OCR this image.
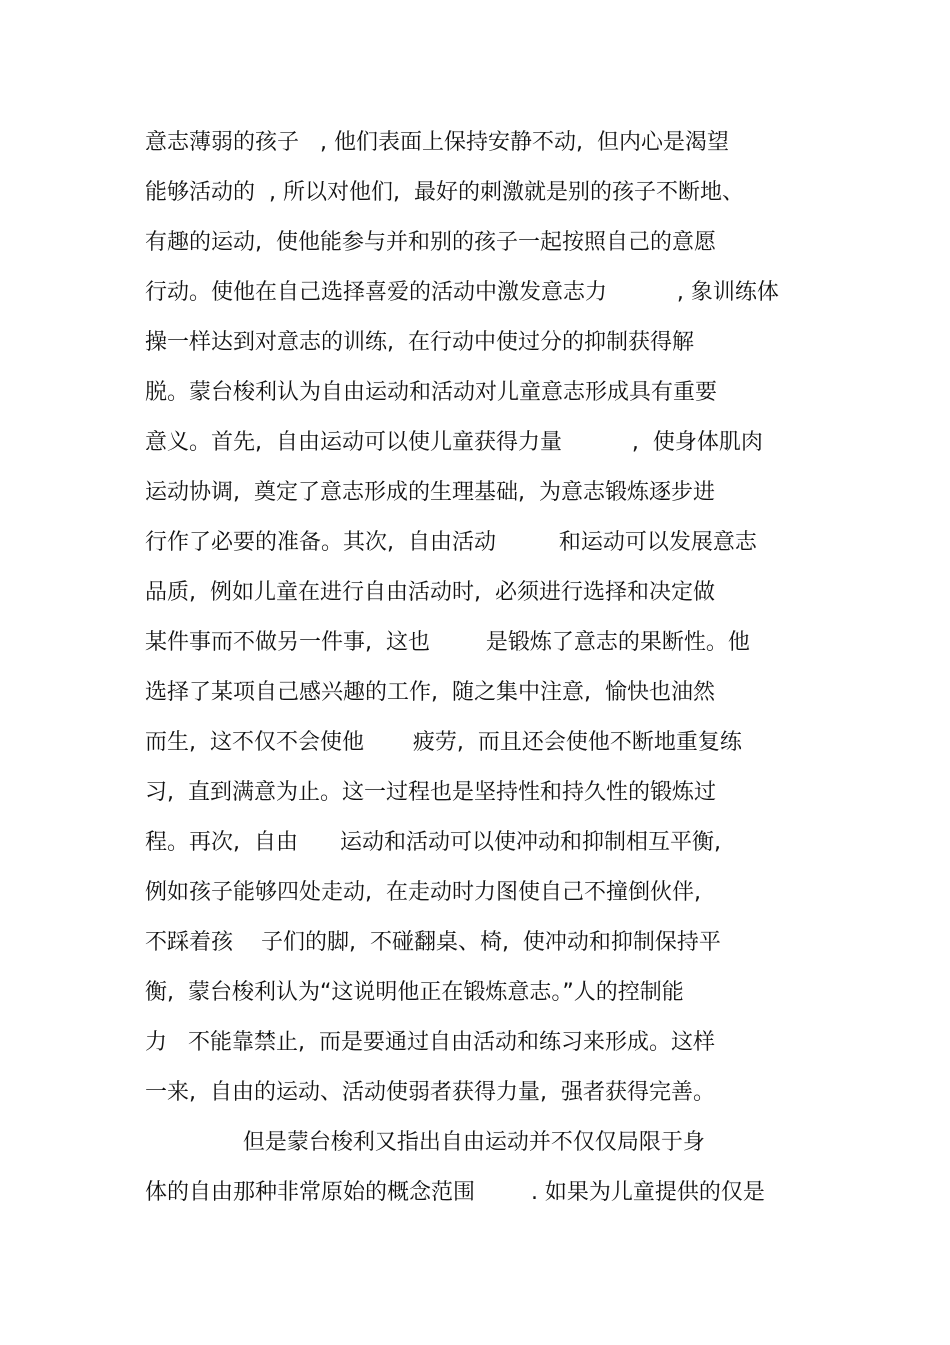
意志薄弱的孩子   , 他们表面上保持安静不动,  但内心是渴望
能够活动的  , 所以对他们,  最好的刺激就是别的孩子不断地、
有趣的运动,  使他能参与并和别的孩子一起按照自己的意愿
行动。使他在自己选择喜爱的活动中激发意志力          , 象训练体
操一样达到对意志的训练,  在行动中使过分的抑制获得解
脱。蒙台梭利认为自由运动和活动对儿童意志形成具有重要
意义。首先,  自由运动可以使儿童获得力量          ,  使身体肌肉
运动协调,  奠定了意志形成的生理基础,  为意志锻炼逐步进
行作了必要的准备。其次,  自由活动         和运动可以发展意志
品质,  例如儿童在进行自由活动时,  必须进行选择和决定做
某件事而不做另一件事,  这也        是锻炼了意志的果断性。他
选择了某项自己感兴趣的工作,  随之集中注意,  愉快也油然
而生,  这不仅不会使他       疲劳,  而且还会使他不断地重复练
习,  直到满意为止。这一过程也是坚持性和持久性的锻炼过
程。再次,  自由      运动和活动可以使冲动和抑制相互平衡,
例如孩子能够四处走动,  在走动时力图使自己不撞倒伙伴,
不踩着孩    子们的脚,  不碰翻桌、椅,  使冲动和抑制保持平
衡,  蒙台梭利认为“这说明他正在锻炼意志。”人的控制能
力   不能靠禁止,  而是要通过自由活动和练习来形成。这样
一来,  自由的运动、活动使弱者获得力量,  强者获得完善。
但是蒙台梭利又指出自由运动并不仅仅局限于身
体的自由那种非常原始的概念范围        . 如果为儿童提供的仅是
